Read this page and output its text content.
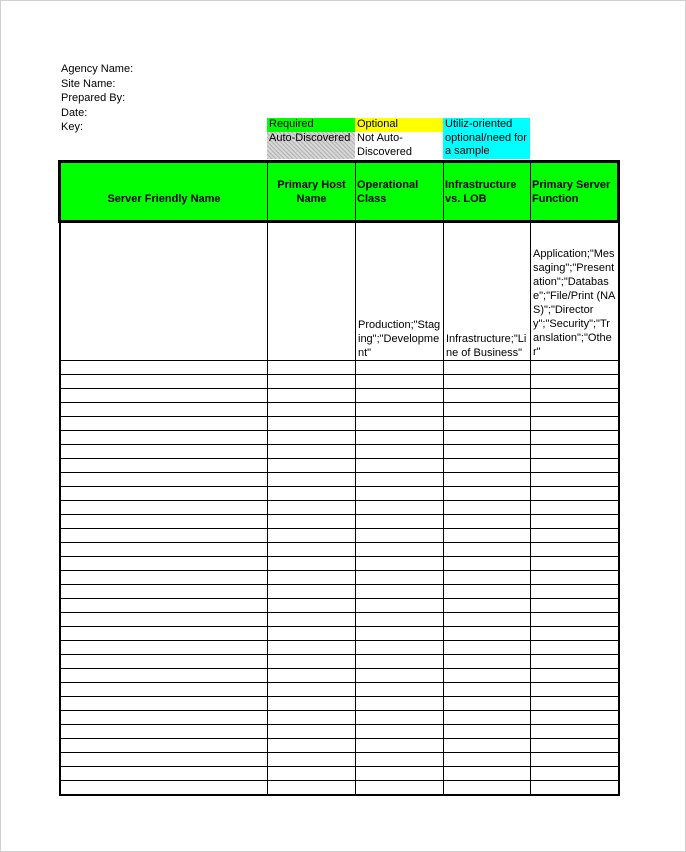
Agency Name:
Site Name:
Prepared By:
Date:
Key:	Required
Auto-Discovered
Optional
Not Auto-Discovered
Utiliz-oriented optional/need for a sample
Server Friendly Name	Primary Host Name	Operational Class	Infrastructure vs. LOB	Primary Server Function
		Production;"Staging";"Development"	Infrastructure;"Line of Business"	Application;"Messaging";"Presentation";"Database";"File/Print (NAS)";"Directory";"Security";"Translation";"Other"
